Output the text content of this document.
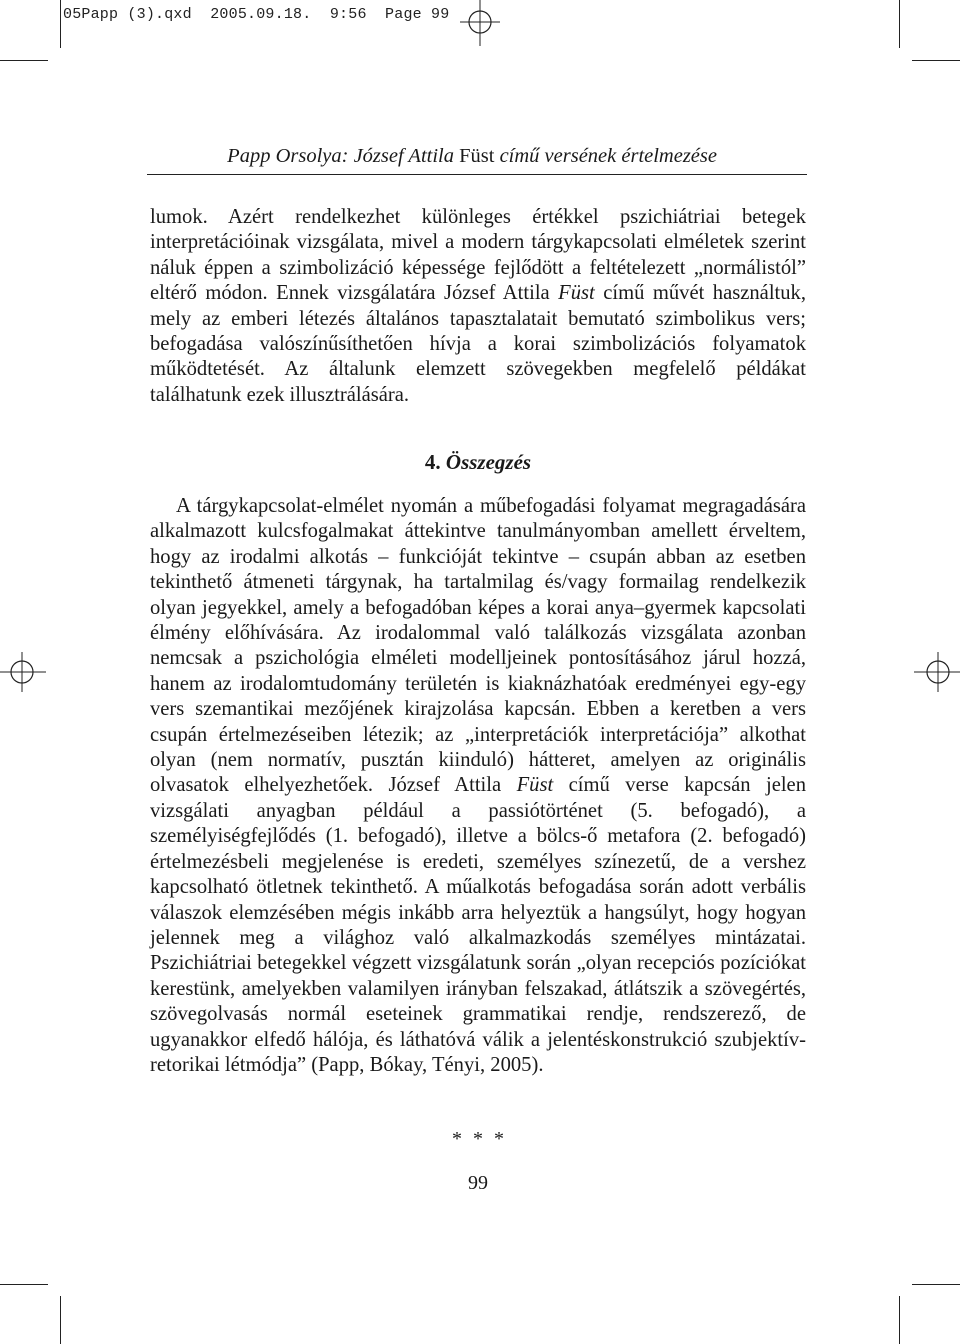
05Papp (3).qxd  2005.09.18.  9:56  Page 99
Papp Orsolya: József Attila Füst című versének értelmezése

lumok. Azért rendelkezhet különleges értékkel pszichiátriai betegek interpretációinak vizsgálata, mivel a modern tárgykapcsolati elméletek szerint náluk éppen a szimbolizáció képessége fejlődött a feltételezett „normálistól” eltérő módon. Ennek vizsgálatára József Attila Füst című művét használtuk, mely az emberi létezés általános tapasztalatait bemutató szimbolikus vers; befogadása valószínűsíthetően hívja a korai szimbolizációs folyamatok működtetését. Az általunk elemzett szövegekben megfelelő példákat találhatunk ezek illusztrálására.

4. Összegzés

A tárgykapcsolat-elmélet nyomán a műbefogadási folyamat megragadására alkalmazott kulcsfogalmakat áttekintve tanulmányomban amellett érveltem, hogy az irodalmi alkotás – funkcióját tekintve – csupán abban az esetben tekinthető átmeneti tárgynak, ha tartalmilag és/vagy formailag rendelkezik olyan jegyekkel, amely a befogadóban képes a korai anya–gyermek kapcsolati élmény előhívására. Az irodalommal való találkozás vizsgálata azonban nemcsak a pszichológia elméleti modelljeinek pontosításához járul hozzá, hanem az irodalomtudomány területén is kiaknázhatóak eredményei egy-egy vers szemantikai mezőjének kirajzolása kapcsán. Ebben a keretben a vers csupán értelmezéseiben létezik; az „interpretációk interpretációja” alkothat olyan (nem normatív, pusztán kiinduló) hátteret, amelyen az originális olvasatok elhelyezhetőek. József Attila Füst című verse kapcsán jelen vizsgálati anyagban például a passiótörténet (5. befogadó), a személyiségfejlődés (1. befogadó), illetve a bölcs-ő metafora (2. befogadó) értelmezésbeli megjelenése is eredeti, személyes színezetű, de a vershez kapcsolható ötletnek tekinthető. A műalkotás befogadása során adott verbális válaszok elemzésében mégis inkább arra helyeztük a hangsúlyt, hogy hogyan jelennek meg a világhoz való alkalmazkodás személyes mintázatai. Pszichiátriai betegekkel végzett vizsgálatunk során „olyan recepciós pozíciókat kerestünk, amelyekben valamilyen irányban felszakad, átlátszik a szövegértés, szövegolvasás normál eseteinek grammatikai rendje, rendszerező, de ugyanakkor elfedő hálója, és láthatóvá válik a jelentéskonstrukció szubjektív-retorikai létmódja” (Papp, Bókay, Tényi, 2005).

* * *
99
